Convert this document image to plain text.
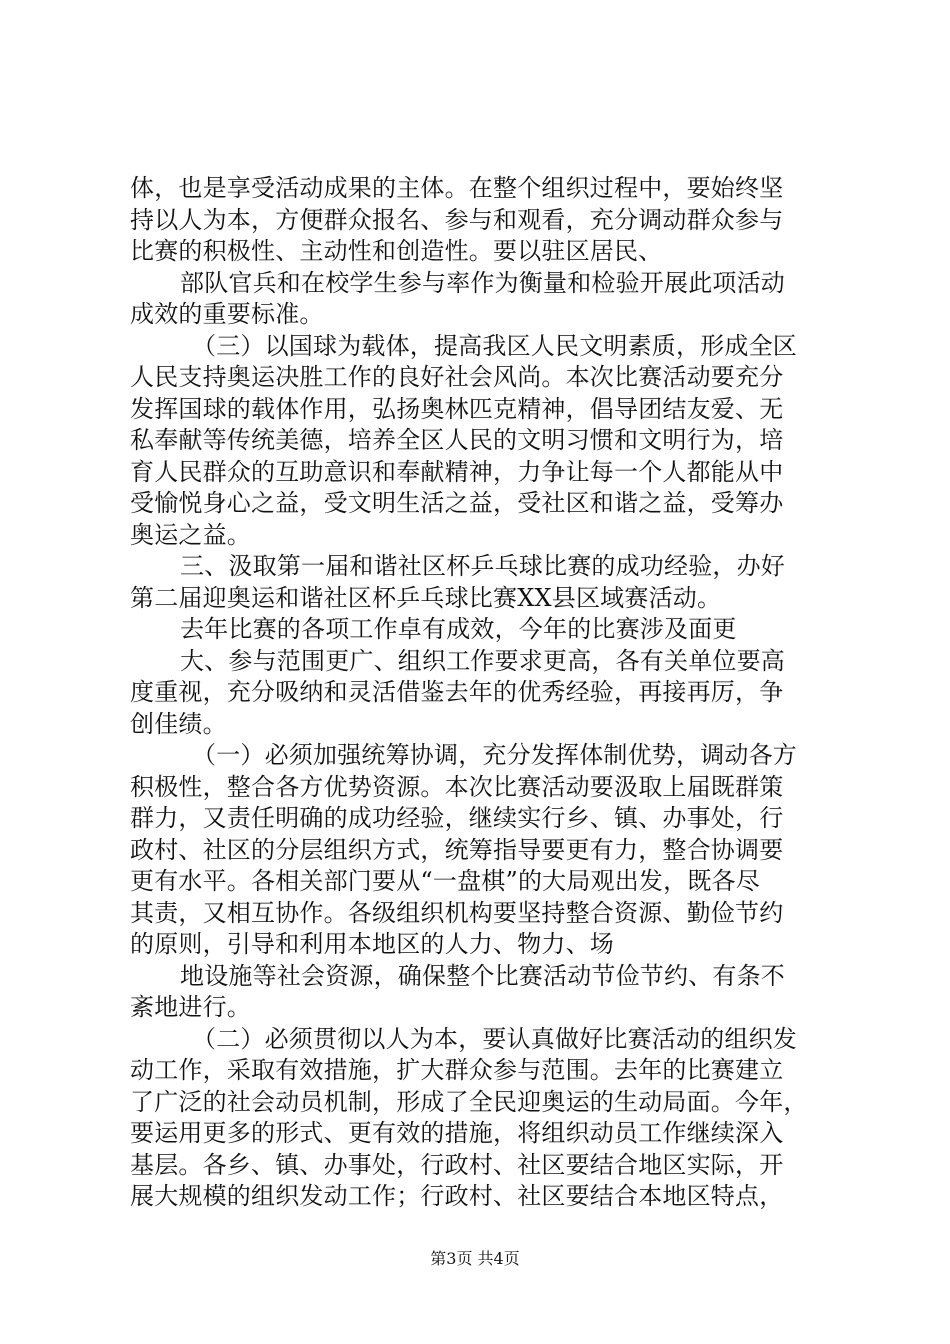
体，也是享受活动成果的主体。在整个组织过程中，要始终坚
持以人为本，方便群众报名、参与和观看，充分调动群众参与
比赛的积极性、主动性和创造性。要以驻区居民、
部队官兵和在校学生参与率作为衡量和检验开展此项活动
成效的重要标准。
（三）以国球为载体，提高我区人民文明素质，形成全区
人民支持奥运决胜工作的良好社会风尚。本次比赛活动要充分
发挥国球的载体作用，弘扬奥林匹克精神，倡导团结友爱、无
私奉献等传统美德，培养全区人民的文明习惯和文明行为，培
育人民群众的互助意识和奉献精神，力争让每一个人都能从中
受愉悦身心之益，受文明生活之益，受社区和谐之益，受筹办
奥运之益。
三、汲取第一届和谐社区杯乒乓球比赛的成功经验，办好
第二届迎奥运和谐社区杯乒乓球比赛XX县区域赛活动。
去年比赛的各项工作卓有成效，今年的比赛涉及面更
大、参与范围更广、组织工作要求更高，各有关单位要高
度重视，充分吸纳和灵活借鉴去年的优秀经验，再接再厉，争
创佳绩。
（一）必须加强统筹协调，充分发挥体制优势，调动各方
积极性，整合各方优势资源。本次比赛活动要汲取上届既群策
群力，又责任明确的成功经验，继续实行乡、镇、办事处，行
政村、社区的分层组织方式，统筹指导要更有力，整合协调要
更有水平。各相关部门要从“一盘棋”的大局观出发，既各尽
其责，又相互协作。各级组织机构要坚持整合资源、勤俭节约
的原则，引导和利用本地区的人力、物力、场
地设施等社会资源，确保整个比赛活动节俭节约、有条不
紊地进行。
（二）必须贯彻以人为本，要认真做好比赛活动的组织发
动工作，采取有效措施，扩大群众参与范围。去年的比赛建立
了广泛的社会动员机制，形成了全民迎奥运的生动局面。今年，
要运用更多的形式、更有效的措施，将组织动员工作继续深入
基层。各乡、镇、办事处，行政村、社区要结合地区实际，开
展大规模的组织发动工作；行政村、社区要结合本地区特点，
第3页 共4页
